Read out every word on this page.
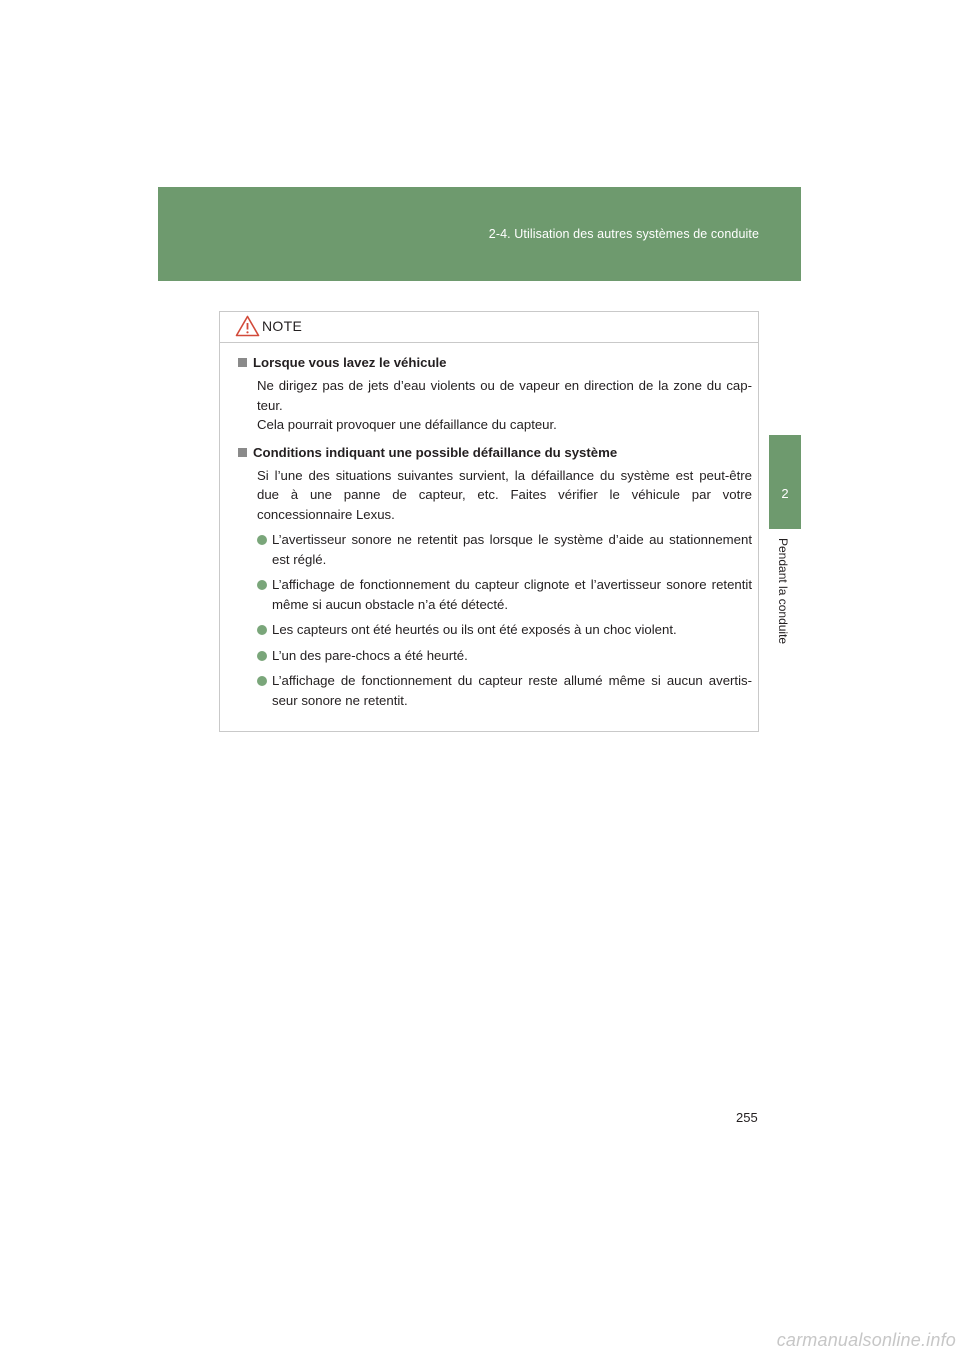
2-4. Utilisation des autres systèmes de conduite
2
Pendant la conduite
NOTE
Lorsque vous lavez le véhicule

Ne dirigez pas de jets d’eau violents ou de vapeur en direction de la zone du cap-teur.

Cela pourrait provoquer une défaillance du capteur.

Conditions indiquant une possible défaillance du système

Si l’une des situations suivantes survient, la défaillance du système est peut-être due à une panne de capteur, etc. Faites vérifier le véhicule par votre concessionnaire Lexus.

L’avertisseur sonore ne retentit pas lorsque le système d’aide au stationnement est réglé.
L’affichage de fonctionnement du capteur clignote et l’avertisseur sonore retentit même si aucun obstacle n’a été détecté.
Les capteurs ont été heurtés ou ils ont été exposés à un choc violent.
L’un des pare-chocs a été heurté.
L’affichage de fonctionnement du capteur reste allumé même si aucun avertis-seur sonore ne retentit.
255
carmanualsonline.info
